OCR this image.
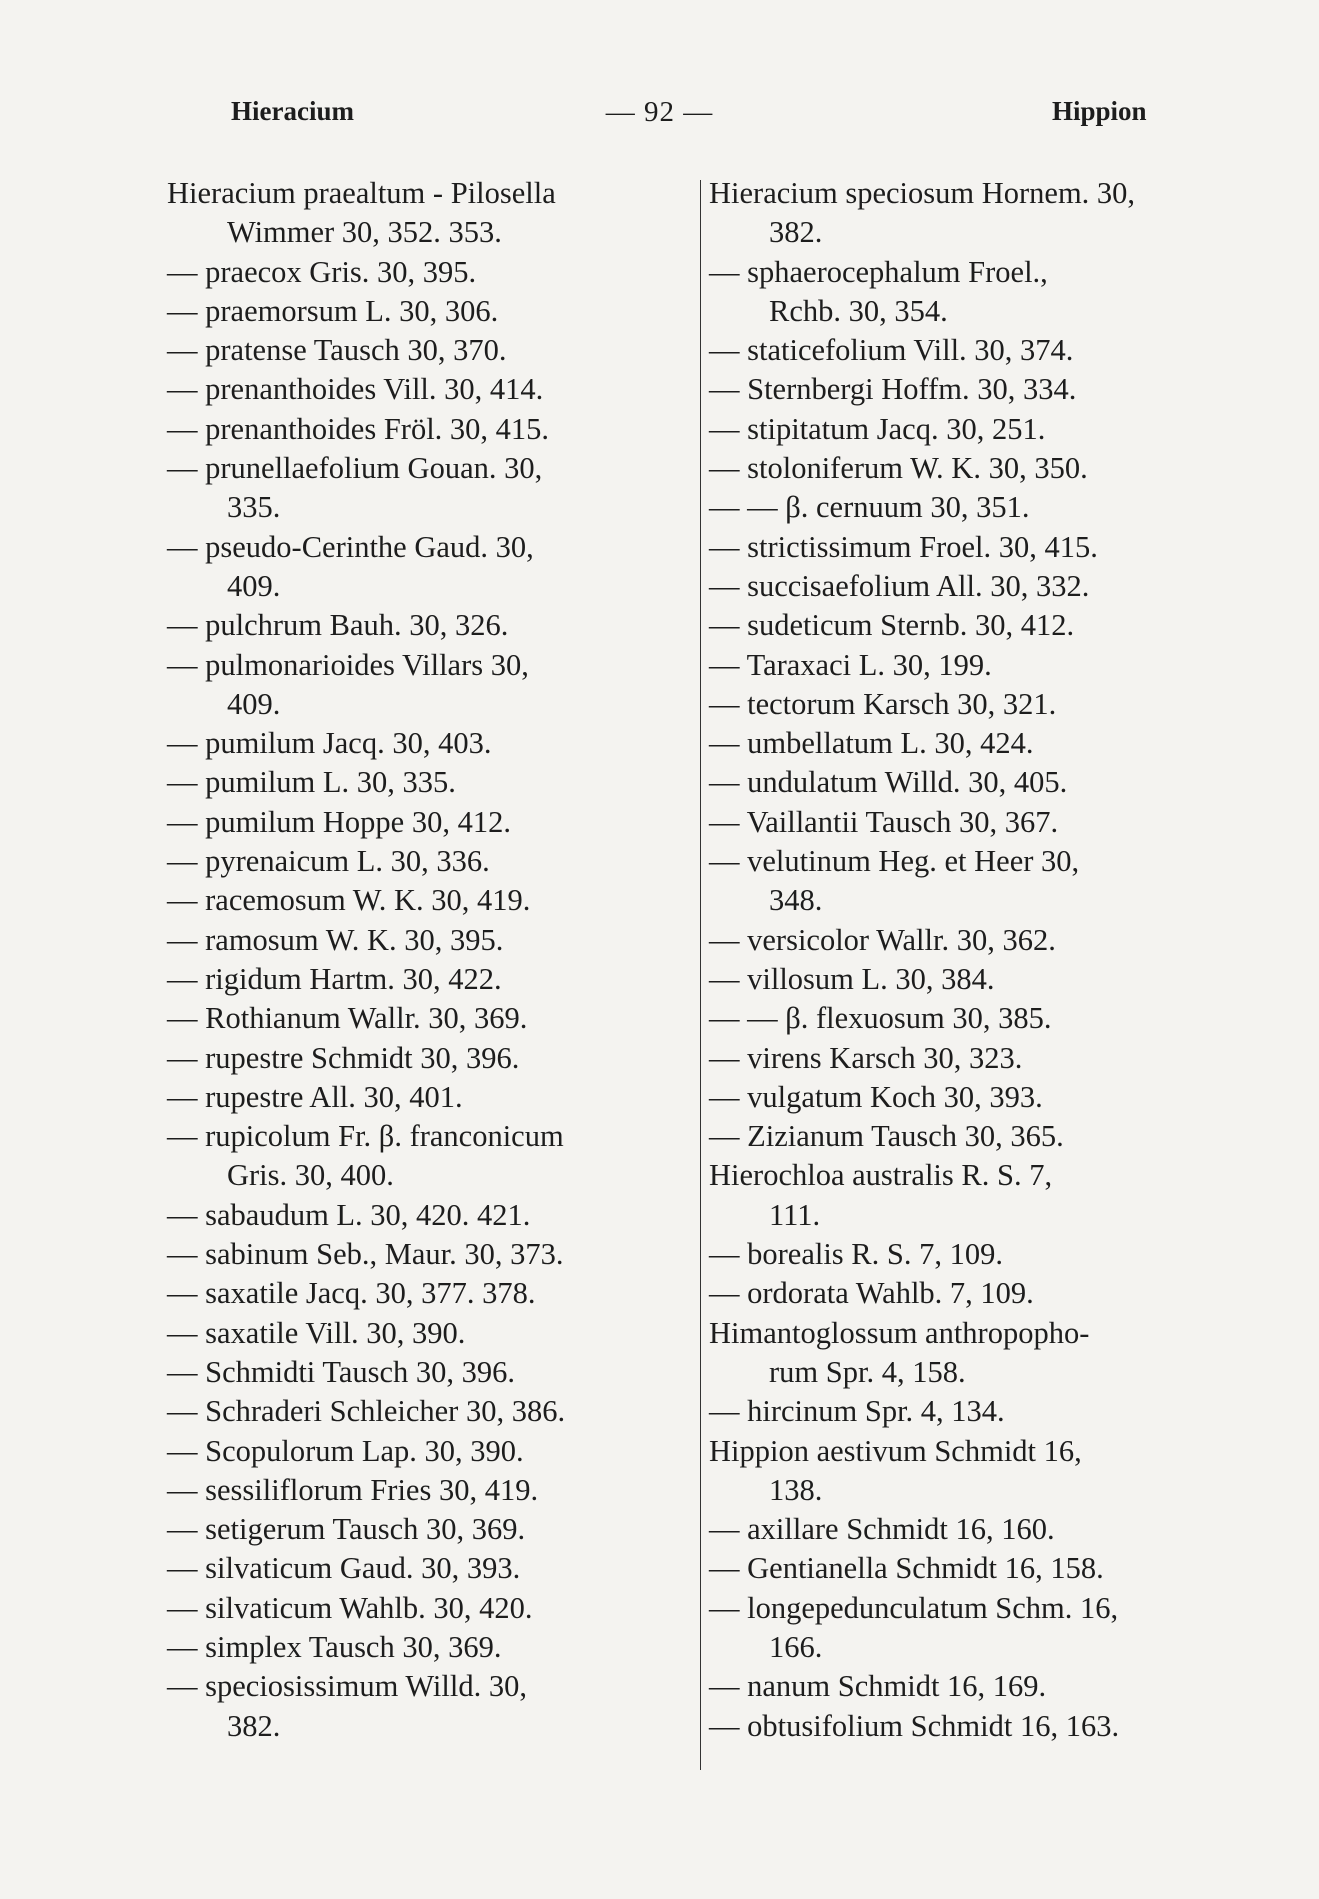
Hieracium	— 92 —	Hippion
Hieracium praealtum - Pilosella
Wimmer 30, 352. 353.
— praecox Gris. 30, 395.
— praemorsum L. 30, 306.
— pratense Tausch 30, 370.
— prenanthoides Vill. 30, 414.
— prenanthoides Fröl. 30, 415.
— prunellaefolium Gouan. 30,
335.
— pseudo-Cerinthe Gaud. 30,
409.
— pulchrum Bauh. 30, 326.
— pulmonarioides Villars 30,
409.
— pumilum Jacq. 30, 403.
— pumilum L. 30, 335.
— pumilum Hoppe 30, 412.
— pyrenaicum L. 30, 336.
— racemosum W. K. 30, 419.
— ramosum W. K. 30, 395.
— rigidum Hartm. 30, 422.
— Rothianum Wallr. 30, 369.
— rupestre Schmidt 30, 396.
— rupestre All. 30, 401.
— rupicolum Fr. β. franconicum
Gris. 30, 400.
— sabaudum L. 30, 420. 421.
— sabinum Seb., Maur. 30, 373.
— saxatile Jacq. 30, 377. 378.
— saxatile Vill. 30, 390.
— Schmidti Tausch 30, 396.
— Schraderi Schleicher 30, 386.
— Scopulorum Lap. 30, 390.
— sessiliflorum Fries 30, 419.
— setigerum Tausch 30, 369.
— silvaticum Gaud. 30, 393.
— silvaticum Wahlb. 30, 420.
— simplex Tausch 30, 369.
— speciosissimum Willd. 30,
382.
Hieracium speciosum Hornem. 30,
382.
— sphaerocephalum Froel.,
Rchb. 30, 354.
— staticefolium Vill. 30, 374.
— Sternbergi Hoffm. 30, 334.
— stipitatum Jacq. 30, 251.
— stoloniferum W. K. 30, 350.
— — β. cernuum 30, 351.
— strictissimum Froel. 30, 415.
— succisaefolium All. 30, 332.
— sudeticum Sternb. 30, 412.
— Taraxaci L. 30, 199.
— tectorum Karsch 30, 321.
— umbellatum L. 30, 424.
— undulatum Willd. 30, 405.
— Vaillantii Tausch 30, 367.
— velutinum Heg. et Heer 30,
348.
— versicolor Wallr. 30, 362.
— villosum L. 30, 384.
— — β. flexuosum 30, 385.
— virens Karsch 30, 323.
— vulgatum Koch 30, 393.
— Zizianum Tausch 30, 365.
Hierochloa australis R. S. 7,
111.
— borealis R. S. 7, 109.
— ordorata Wahlb. 7, 109.
Himantoglossum anthropopho-
rum Spr. 4, 158.
— hircinum Spr. 4, 134.
Hippion aestivum Schmidt 16,
138.
— axillare Schmidt 16, 160.
— Gentianella Schmidt 16, 158.
— longepedunculatum Schm. 16,
166.
— nanum Schmidt 16, 169.
— obtusifolium Schmidt 16, 163.
